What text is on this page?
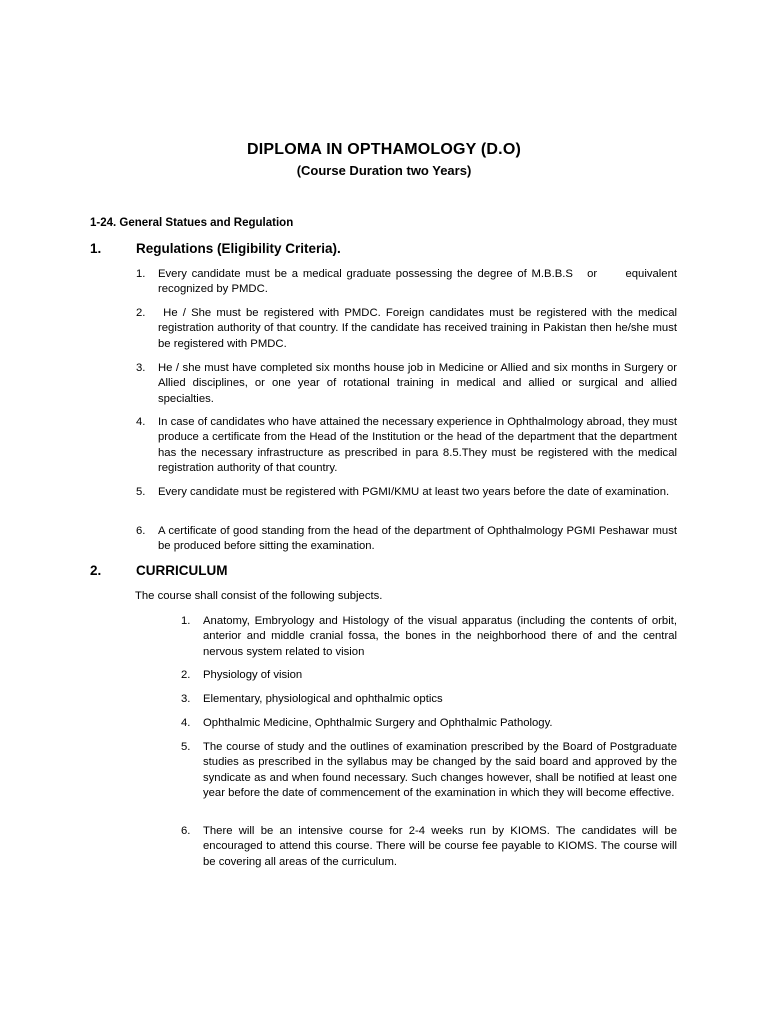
DIPLOMA IN OPTHAMOLOGY (D.O)
(Course Duration two Years)
1-24. General Statues and Regulation
1.	Regulations (Eligibility Criteria).
1. Every candidate must be a medical graduate possessing the degree of M.B.B.S   or      equivalent recognized by PMDC.
2. He / She must be registered with PMDC. Foreign candidates must be registered with the medical registration authority of that country. If the candidate has received training in Pakistan then he/she must be registered with PMDC.
3. He / she must have completed six months house job in Medicine or Allied and six months in Surgery or Allied disciplines, or one year of rotational training in medical and allied or surgical and allied specialties.
4. In case of candidates who have attained the necessary experience in Ophthalmology abroad, they must produce a certificate from the Head of the Institution or the head of the department that the department has the necessary infrastructure as prescribed in para 8.5.They must be registered with the medical registration authority of that country.
5. Every candidate must be registered with PGMI/KMU at least two years before the date of examination.
6. A certificate of good standing from the head of the department of Ophthalmology PGMI Peshawar must be produced before sitting the examination.
2.	CURRICULUM
The course shall consist of the following subjects.
1. Anatomy, Embryology and Histology of the visual apparatus (including the contents of orbit, anterior and middle cranial fossa, the bones in the neighborhood there of and the central nervous system related to vision
2. Physiology of vision
3. Elementary, physiological and ophthalmic optics
4. Ophthalmic Medicine, Ophthalmic Surgery and Ophthalmic Pathology.
5. The course of study and the outlines of examination prescribed by the Board of Postgraduate studies as prescribed in the syllabus may be changed by the said board and approved by the syndicate as and when found necessary. Such changes however, shall be notified at least one year before the date of commencement of the examination in which they will become effective.
6. There will be an intensive course for 2-4 weeks run by KIOMS. The candidates will be encouraged to attend this course. There will be course fee payable to KIOMS. The course will be covering all areas of the curriculum.
